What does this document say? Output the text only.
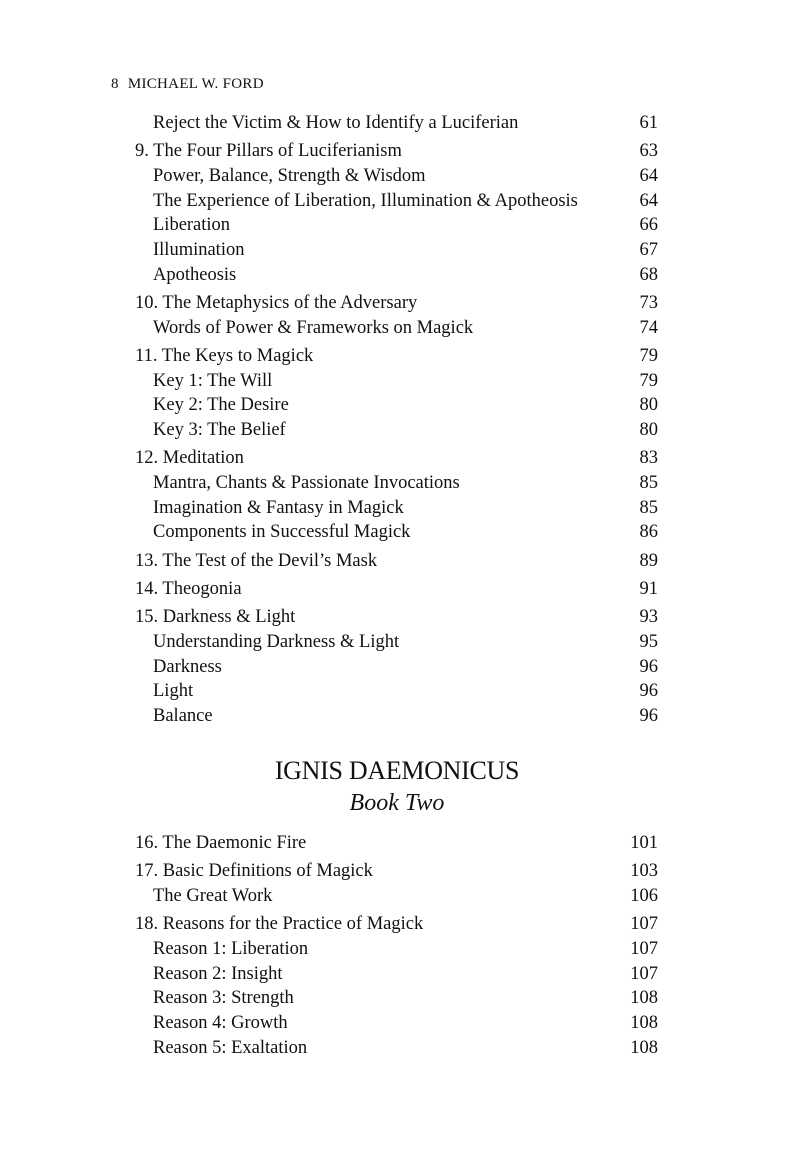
8 MICHAEL W. FORD
Reject the Victim & How to Identify a Luciferian	61
9. The Four Pillars of Luciferianism	63
Power, Balance, Strength & Wisdom	64
The Experience of Liberation, Illumination & Apotheosis	64
Liberation	66
Illumination	67
Apotheosis	68
10. The Metaphysics of the Adversary	73
Words of Power & Frameworks on Magick	74
11. The Keys to Magick	79
Key 1: The Will	79
Key 2: The Desire	80
Key 3: The Belief	80
12. Meditation	83
Mantra, Chants & Passionate Invocations	85
Imagination & Fantasy in Magick	85
Components in Successful Magick	86
13. The Test of the Devil’s Mask	89
14. Theogonia	91
15. Darkness & Light	93
Understanding Darkness & Light	95
Darkness	96
Light	96
Balance	96
IGNIS DAEMONICUS
Book Two
16. The Daemonic Fire	101
17. Basic Definitions of Magick	103
The Great Work	106
18. Reasons for the Practice of Magick	107
Reason 1: Liberation	107
Reason 2: Insight	107
Reason 3: Strength	108
Reason 4: Growth	108
Reason 5: Exaltation	108
